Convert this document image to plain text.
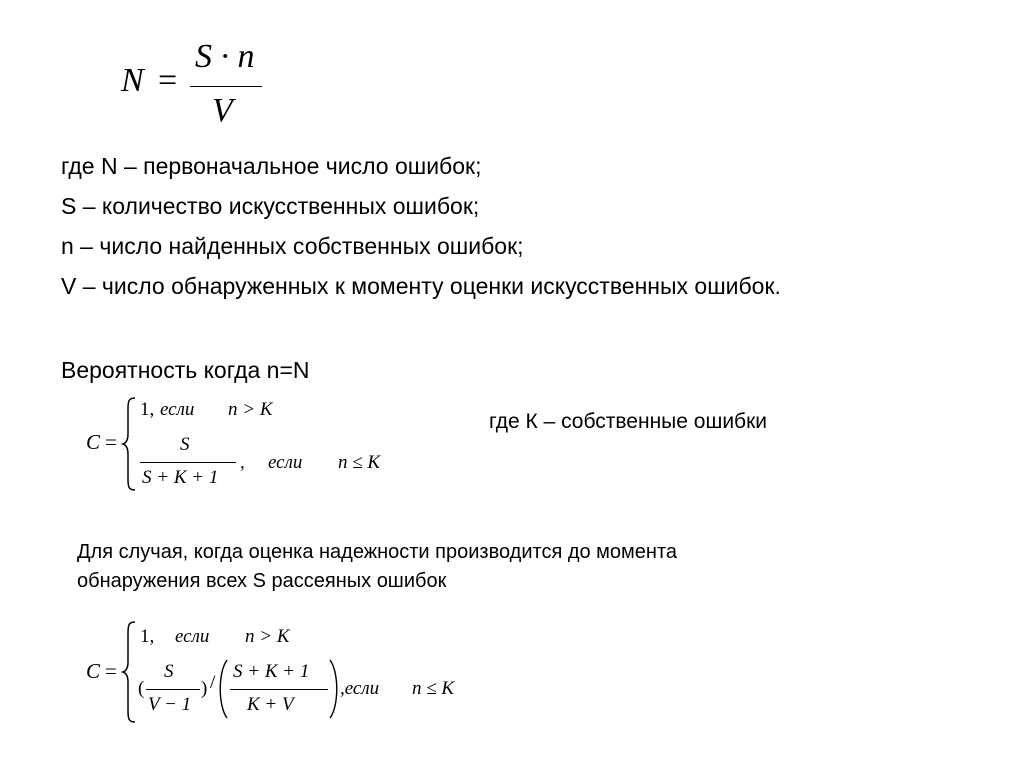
N =
S · n
V
где N – первоначальное число ошибок;
S – количество искусственных ошибок;
n – число найденных собственных ошибок;
V – число обнаруженных к моменту оценки искусственных ошибок.
Вероятность когда n=N
C =
1, если n > K
S
S + K + 1
, если n ≤ K
где К – собственные ошибки
Для случая, когда оценка надежности производится до момента
обнаружения всех S рассеяных ошибок
C =
1, если n > K
(
S
V − 1
) /
S + K + 1
K + V
,если n ≤ K
